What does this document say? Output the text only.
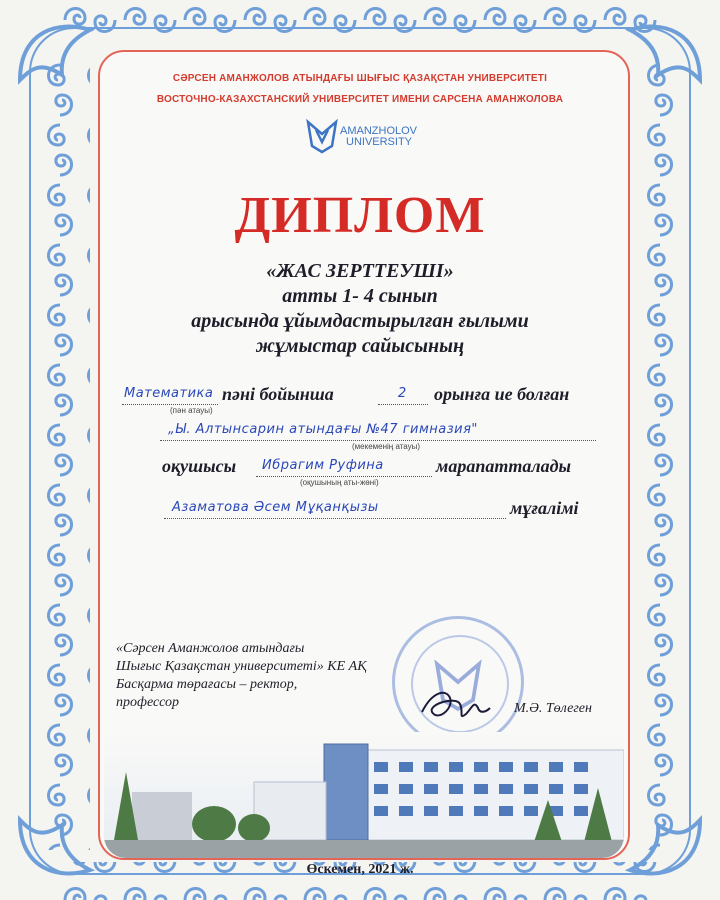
СӘРСЕН АМАНЖОЛОВ АТЫНДАҒЫ ШЫҒЫС ҚАЗАҚСТАН УНИВЕРСИТЕТІ
ВОСТОЧНО-КАЗАХСТАНСКИЙ УНИВЕРСИТЕТ ИМЕНИ САРСЕНА АМАНЖОЛОВА
AMANZHOLOV
UNIVERSITY
ДИПЛОМ
«ЖАС ЗЕРТТЕУШІ»
атты 1- 4 сынып
арысында ұйымдастырылған ғылыми
жұмыстар сайысының
Математика пәні бойынша	2 орынға ие болған
(пән атауы)
„Ы. Алтынсарин атындағы №47 гимназия"
(мекеменің атауы)
оқушысы Ибрагим Руфина	марапатталады
(оқушының аты-жөні)
Азаматова Әсем Мұқанқызы	мұғалімі
«Сәрсен Аманжолов атындағы
Шығыс Қазақстан университеті» КЕ АҚ
Басқарма төрағасы – ректор,
профессор	М.Ә. Төлеген
Өскемен, 2021 ж.
